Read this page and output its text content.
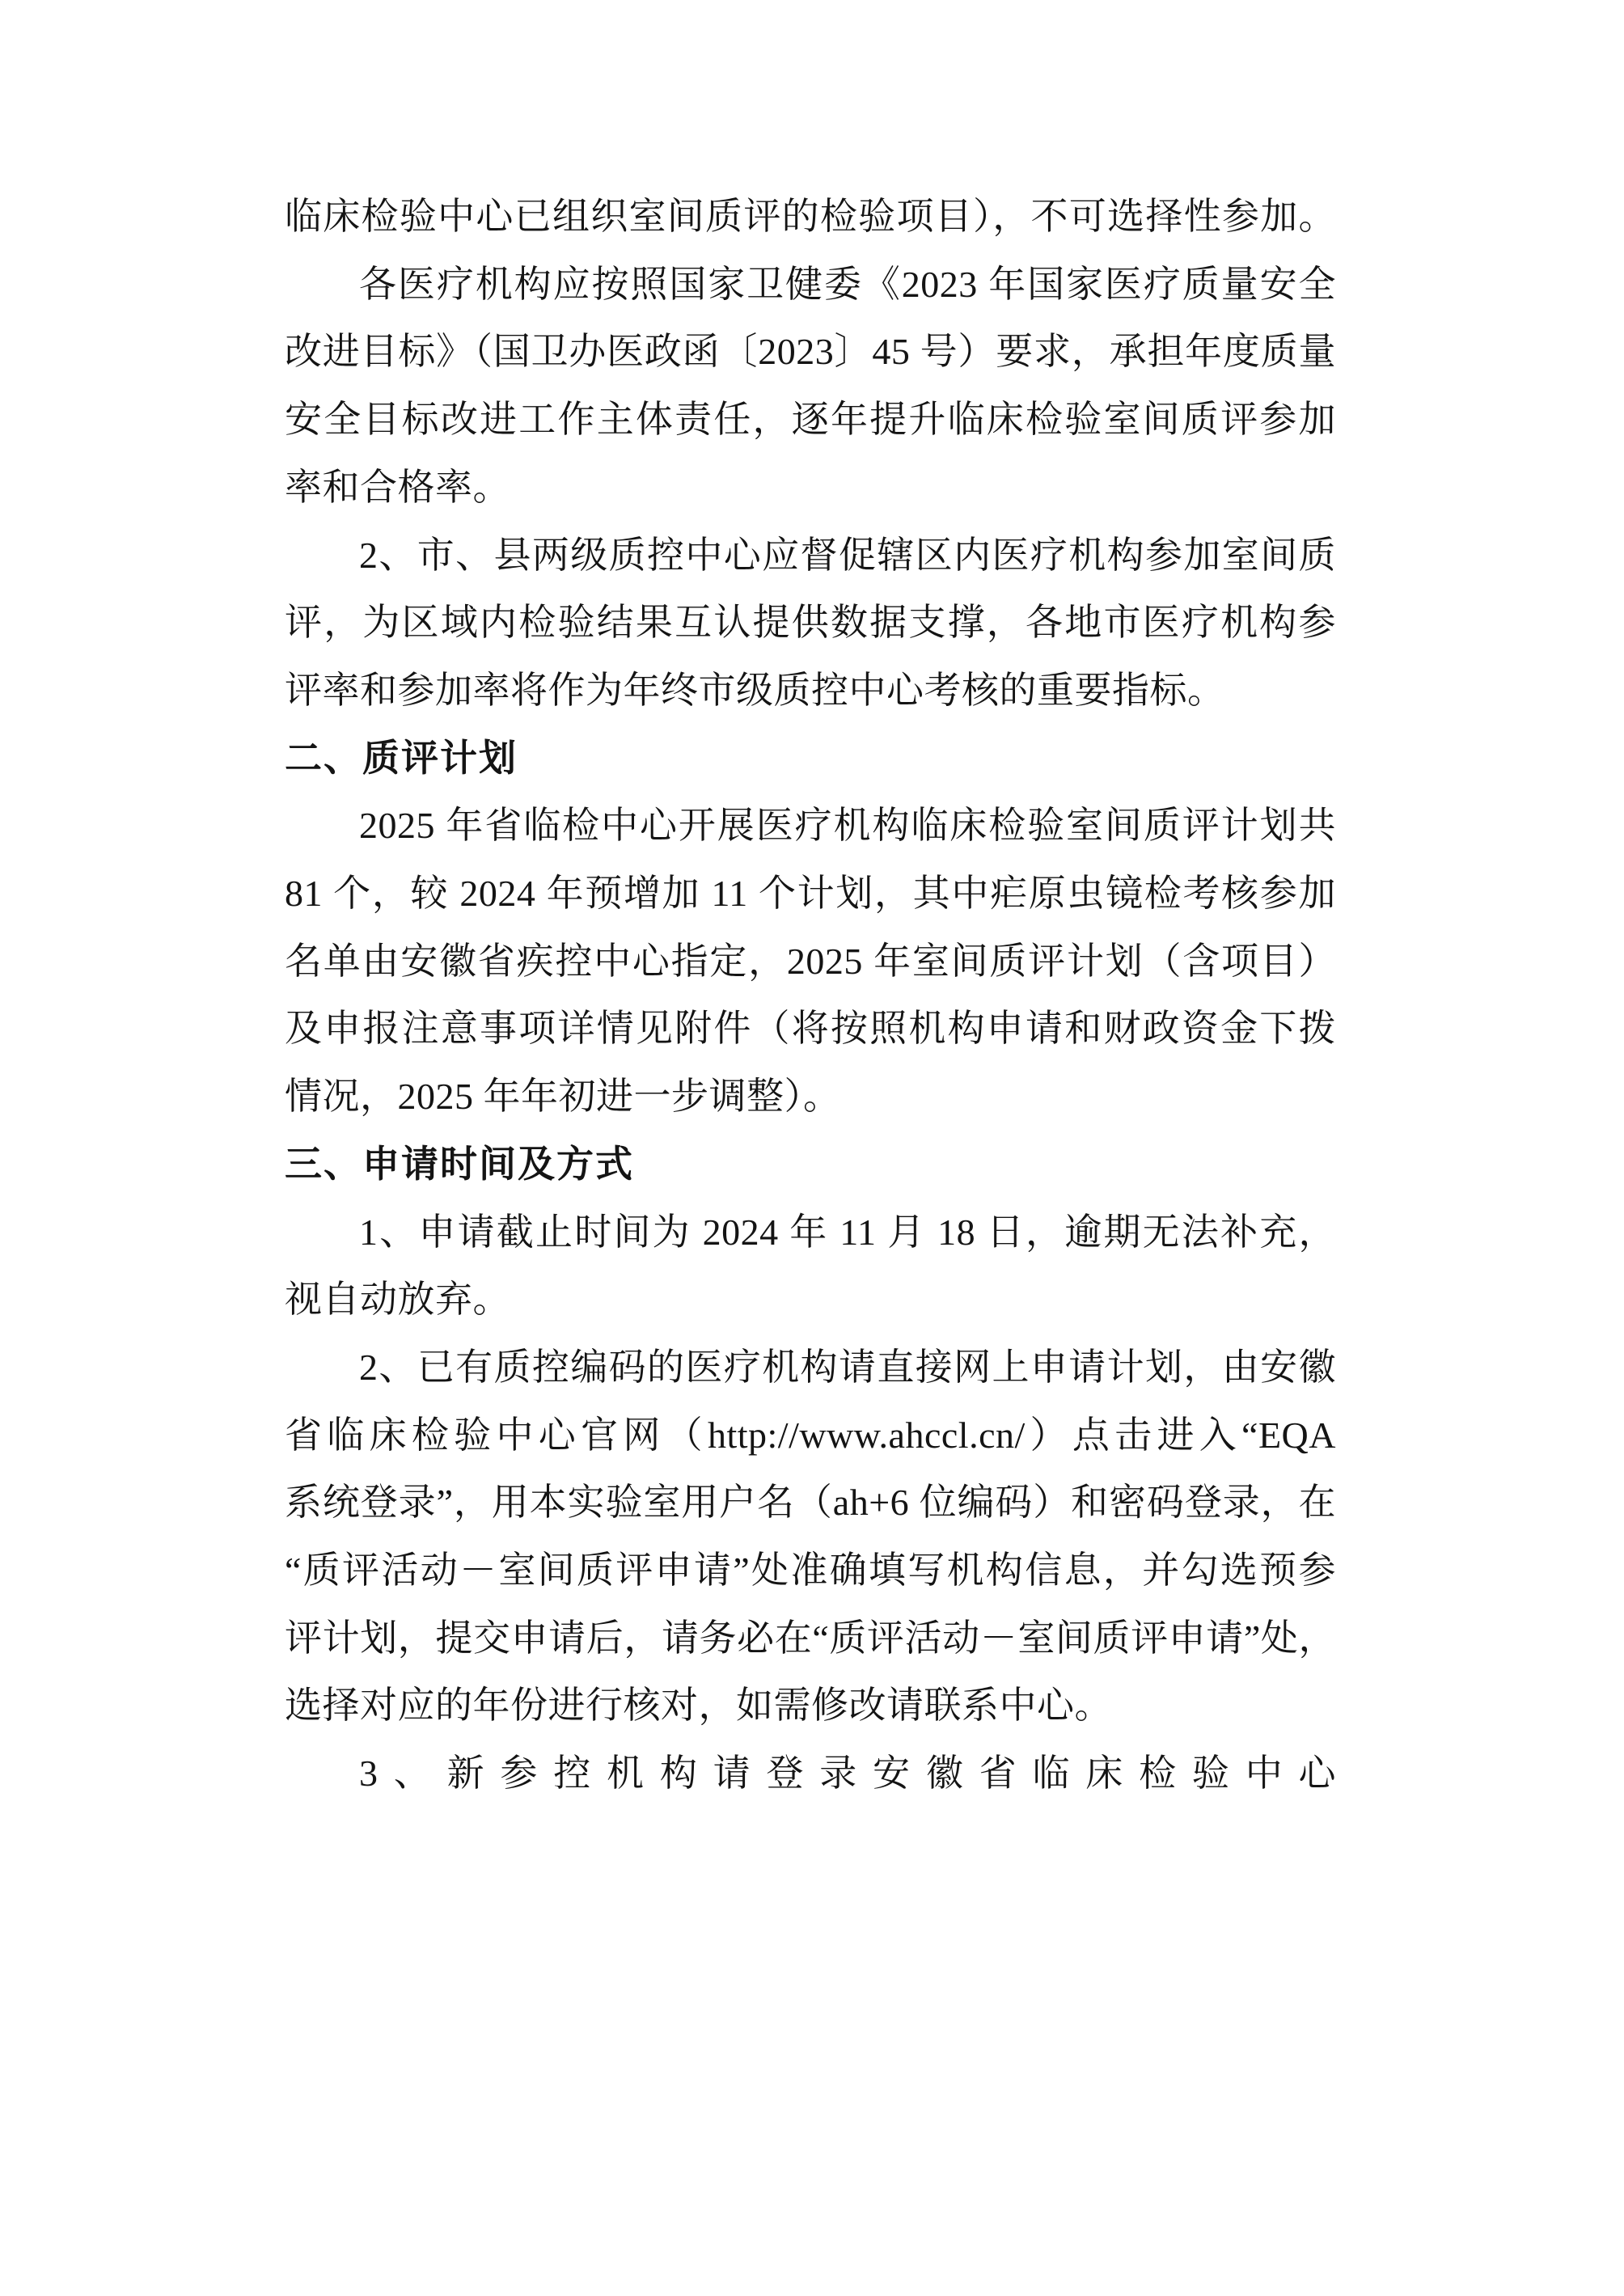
临床检验中心已组织室间质评的检验项目），不可选择性参加。
各医疗机构应按照国家卫健委《2023 年国家医疗质量安全
改进目标》（国卫办医政函〔2023〕45 号）要求，承担年度质量
安全目标改进工作主体责任，逐年提升临床检验室间质评参加
率和合格率。
2、市、县两级质控中心应督促辖区内医疗机构参加室间质
评，为区域内检验结果互认提供数据支撑，各地市医疗机构参
评率和参加率将作为年终市级质控中心考核的重要指标。
二、质评计划
2025 年省临检中心开展医疗机构临床检验室间质评计划共
81 个，较 2024 年预增加 11 个计划，其中疟原虫镜检考核参加
名单由安徽省疾控中心指定，2025 年室间质评计划（含项目）
及申报注意事项详情见附件（将按照机构申请和财政资金下拨
情况，2025 年年初进一步调整）。
三、申请时间及方式
1、申请截止时间为 2024 年 11 月 18 日，逾期无法补充，
视自动放弃。
2、已有质控编码的医疗机构请直接网上申请计划，由安徽
省临床检验中心官网（http://www.ahccl.cn/）点击进入“EQA
系统登录”，用本实验室用户名（ah+6 位编码）和密码登录，在
“质评活动－室间质评申请”处准确填写机构信息，并勾选预参
评计划，提交申请后，请务必在“质评活动－室间质评申请”处，
选择对应的年份进行核对，如需修改请联系中心。
3、新参控机构请登录安徽省临床检验中心
